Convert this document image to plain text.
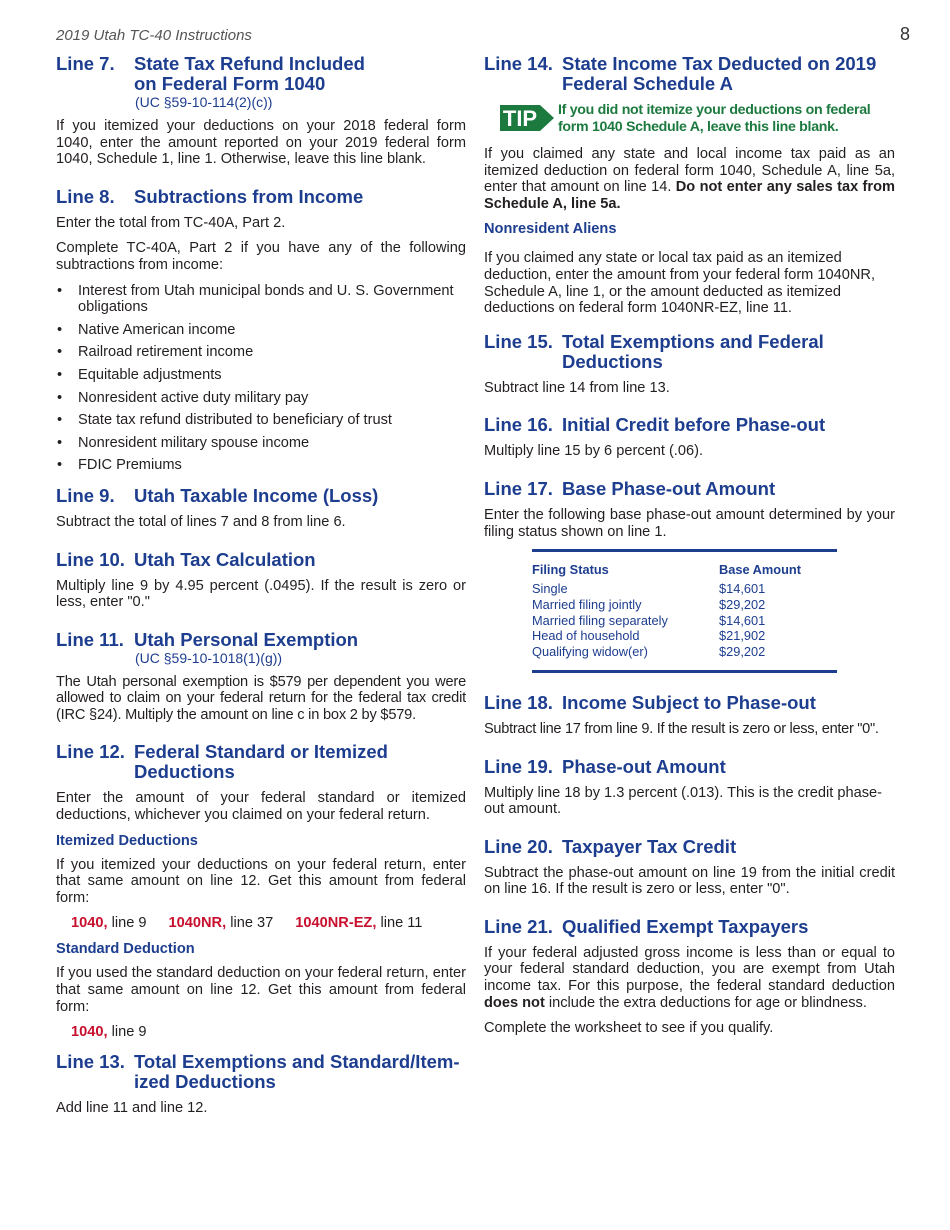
2019 Utah TC-40 Instructions	8
Line 7. State Tax Refund Included
on Federal Form 1040
(UC §59-10-114(2)(c))

If you itemized your deductions on your 2018 federal form 1040, enter the amount reported on your 2019 federal form 1040, Schedule 1, line 1. Otherwise, leave this line blank.

Line 8. Subtractions from Income

Enter the total from TC-40A, Part 2.

Complete TC-40A, Part 2 if you have any of the following subtractions from income:

• Interest from Utah municipal bonds and U. S. Government obligations
• Native American income
• Railroad retirement income
• Equitable adjustments
• Nonresident active duty military pay
• State tax refund distributed to beneficiary of trust
• Nonresident military spouse income
• FDIC Premiums
Line 9. Utah Taxable Income (Loss)

Subtract the total of lines 7 and 8 from line 6.

Line 10. Utah Tax Calculation

Multiply line 9 by 4.95 percent (.0495). If the result is zero or less, enter "0."

Line 11. Utah Personal Exemption
(UC §59-10-1018(1)(g))

The Utah personal exemption is $579 per dependent you were allowed to claim on your federal return for the federal tax credit (IRC §24). Multiply the amount on line c in box 2 by $579.

Line 12. Federal Standard or Itemized
Deductions

Enter the amount of your federal standard or itemized deductions, whichever you claimed on your federal return.

Itemized Deductions

If you itemized your deductions on your federal return, enter that same amount on line 12. Get this amount from federal form:

1040, line 9 1040NR, line 37 1040NR-EZ, line 11
Standard Deduction

If you used the standard deduction on your federal return, enter that same amount on line 12. Get this amount from federal form:

1040, line 9
Line 13. Total Exemptions and Standard/Item-
ized Deductions

Add line 11 and line 12.

Line 14. State Income Tax Deducted on 2019
Federal Schedule A
TIP If you did not itemize your deductions on federal form 1040 Schedule A, leave this line blank.

If you claimed any state and local income tax paid as an itemized deduction on federal form 1040, Schedule A, line 5a, enter that amount on line 14. Do not enter any sales tax from Schedule A, line 5a.

Nonresident Aliens

If you claimed any state or local tax paid as an itemized deduction, enter the amount from your federal form 1040NR, Schedule A, line 1, or the amount deducted as itemized deductions on federal form 1040NR-EZ, line 11.

Line 15. Total Exemptions and Federal
Deductions

Subtract line 14 from line 13.

Line 16. Initial Credit before Phase-out

Multiply line 15 by 6 percent (.06).

Line 17. Base Phase-out Amount

Enter the following base phase-out amount determined by your filing status shown on line 1.

Filing Status	Base Amount
Single	$14,601
Married filing jointly	$29,202
Married filing separately	$14,601
Head of household	$21,902
Qualifying widow(er)	$29,202
Line 18. Income Subject to Phase-out

Subtract line 17 from line 9. If the result is zero or less, enter "0".

Line 19. Phase-out Amount

Multiply line 18 by 1.3 percent (.013). This is the credit phase-out amount.

Line 20. Taxpayer Tax Credit

Subtract the phase-out amount on line 19 from the initial credit on line 16. If the result is zero or less, enter "0".

Line 21. Qualified Exempt Taxpayers

If your federal adjusted gross income is less than or equal to your federal standard deduction, you are exempt from Utah income tax. For this purpose, the federal standard deduction does not include the extra deductions for age or blindness.

Complete the worksheet to see if you qualify.
